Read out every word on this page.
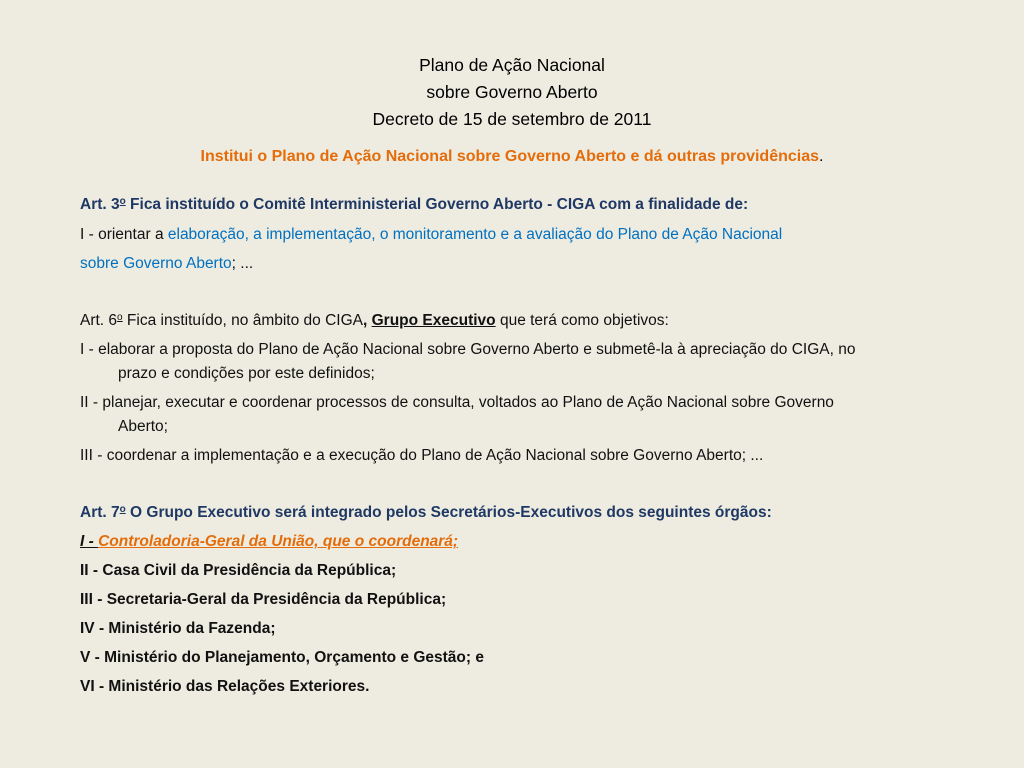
Plano de Ação Nacional
sobre Governo Aberto
Decreto de 15 de setembro de 2011
Institui o Plano de Ação Nacional sobre Governo Aberto e dá outras providências.
Art. 3$^o$ Fica instituído o Comitê Interministerial Governo Aberto - CIGA com a finalidade de:
I - orientar a elaboração, a implementação, o monitoramento e a avaliação do Plano de Ação Nacional
sobre Governo Aberto; ...
Art. 6$^o$ Fica instituído, no âmbito do CIGA, Grupo Executivo que terá como objetivos:
I - elaborar a proposta do Plano de Ação Nacional sobre Governo Aberto e submetê-la à apreciação do CIGA, no
prazo e condições por este definidos;
II - planejar, executar e coordenar processos de consulta, voltados ao Plano de Ação Nacional sobre Governo
Aberto;
III - coordenar a implementação e a execução do Plano de Ação Nacional sobre Governo Aberto; ...
Art. 7$^o$ O Grupo Executivo será integrado pelos Secretários-Executivos dos seguintes órgãos:
I - Controladoria-Geral da União, que o coordenará;
II - Casa Civil da Presidência da República;
III - Secretaria-Geral da Presidência da República;
IV - Ministério da Fazenda;
V - Ministério do Planejamento, Orçamento e Gestão; e
VI - Ministério das Relações Exteriores.
